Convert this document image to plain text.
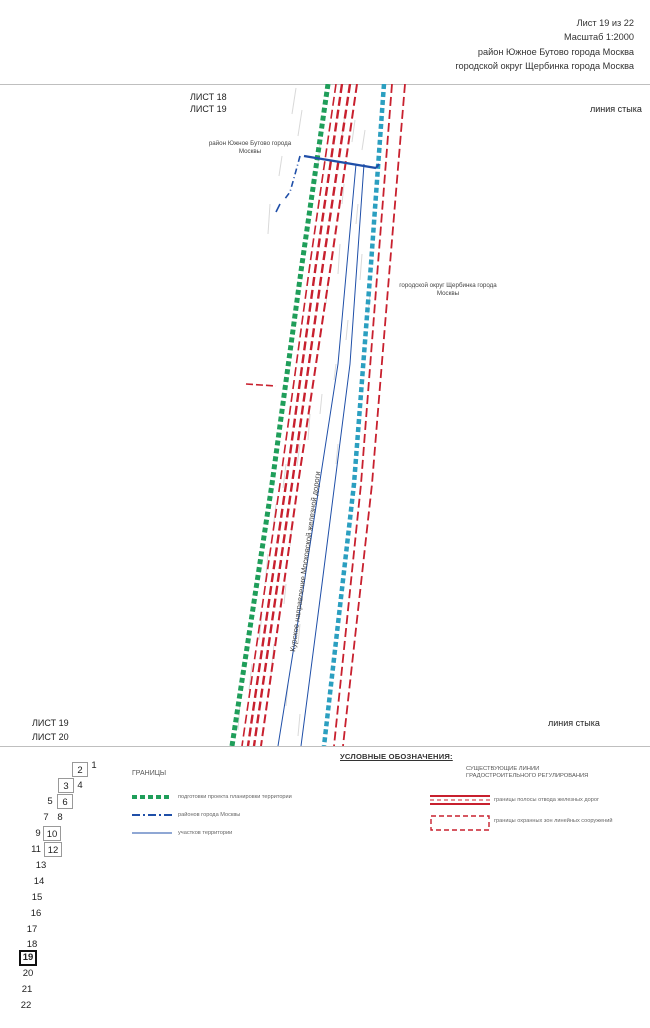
Лист 19 из 22
Масштаб 1:2000
район Южное Бутово города Москва
городской округ Щербинка города Москва
Курское направление Московской железной дороги
ЛИСТ 18
ЛИСТ 19	линия стыка
район Южное Бутово города Москвы
городской округ Щербинка города Москвы
ЛИСТ 19
ЛИСТ 20
линия стыка
УСЛОВНЫЕ ОБОЗНАЧЕНИЯ:
ГРАНИЦЫ
подготовки проекта планировки территории
районов города Москвы
участков территории
СУЩЕСТВУЮЩИЕ ЛИНИИ ГРАДОСТРОИТЕЛЬНОГО РЕГУЛИРОВАНИЯ
границы полосы отвода железных дорог
границы охранных зон линейных сооружений
1
2
3 4
5	6
7 8
9 10
11 12
13
14
15
16
17
18
19
20
21
22
